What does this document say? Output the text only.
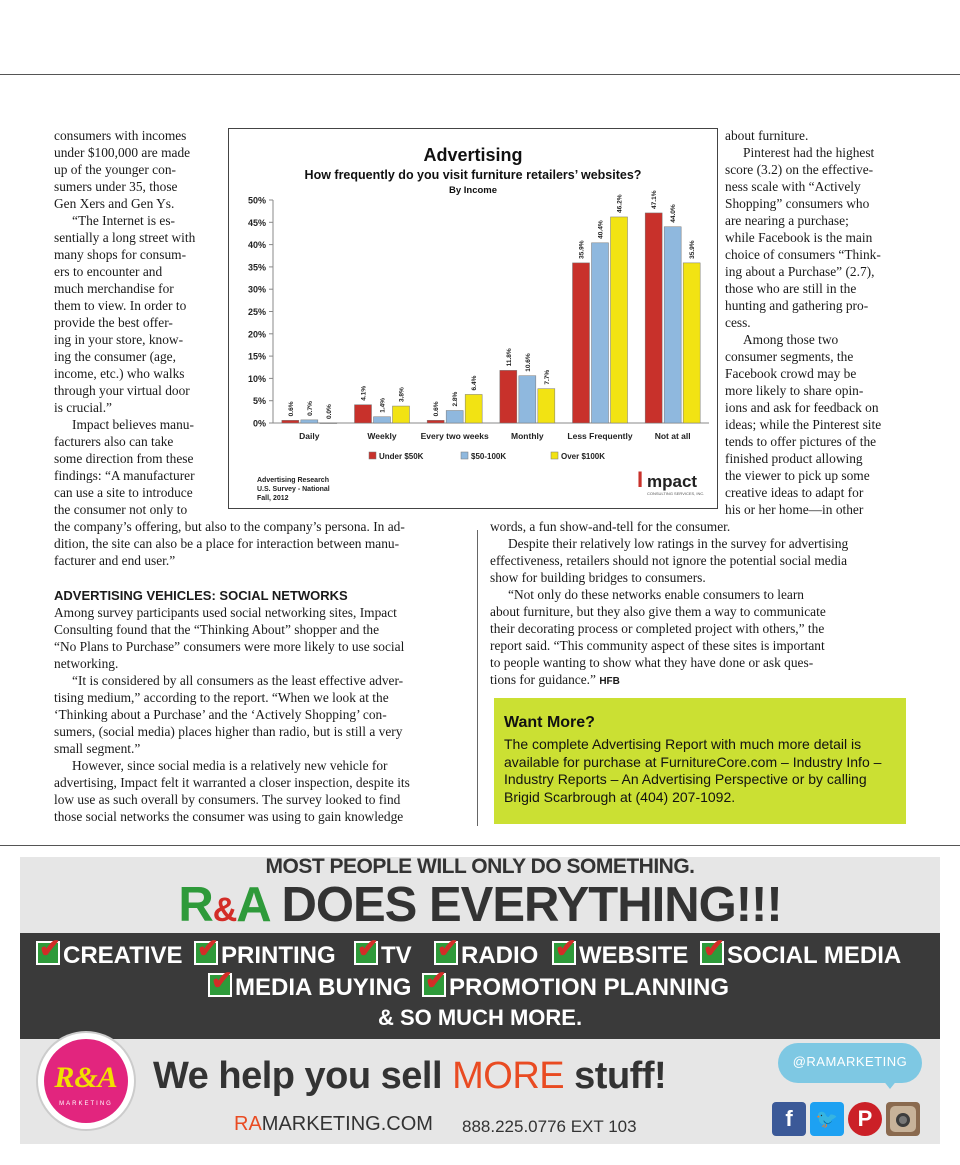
consumers with incomes
under $100,000 are made
up of the younger con-
sumers under 35, those
Gen Xers and Gen Ys.
“The Internet is es-
sentially a long street with
many shops for consum-
ers to encounter and
much merchandise for
them to view. In order to
provide the best offer-
ing in your store, know-
ing the consumer (age,
income, etc.) who walks
through your virtual door
is crucial.”
Impact believes manu-
facturers also can take
some direction from these
findings: “A manufacturer
can use a site to introduce
the consumer not only to
the company’s offering, but also to the company’s persona. In ad-
dition, the site can also be a place for interaction between manu-
facturer and end user.”
ADVERTISING VEHICLES: SOCIAL NETWORKS
Among survey participants used social networking sites, Impact
Consulting found that the “Thinking About” shopper and the
“No Plans to Purchase” consumers were more likely to use social
networking.
“It is considered by all consumers as the least effective adver-
tising medium,” according to the report. “When we look at the
‘Thinking about a Purchase’ and the ‘Actively Shopping’ con-
sumers, (social media) places higher than radio, but is still a very
small segment.”
However, since social media is a relatively new vehicle for
advertising, Impact felt it warranted a closer inspection, despite its
low use as such overall by consumers. The survey looked to find
those social networks the consumer was using to gain knowledge
about furniture.
Pinterest had the highest
score (3.2) on the effective-
ness scale with “Actively
Shopping” consumers who
are nearing a purchase;
while Facebook is the main
choice of consumers “Think-
ing about a Purchase” (2.7),
those who are still in the
hunting and gathering pro-
cess.
Among those two
consumer segments, the
Facebook crowd may be
more likely to share opin-
ions and ask for feedback on
ideas; while the Pinterest site
tends to offer pictures of the
finished product allowing
the viewer to pick up some
creative ideas to adapt for
his or her home—in other
words, a fun show-and-tell for the consumer.
Despite their relatively low ratings in the survey for advertising
effectiveness, retailers should not ignore the potential social media
show for building bridges to consumers.
“Not only do these networks enable consumers to learn
about furniture, but they also give them a way to communicate
their decorating process or completed project with others,” the
report said. “This community aspect of these sites is important
to people wanting to show what they have done or ask ques-
tions for guidance.” HFB
Advertising
How frequently do you visit furniture retailers’ websites?
By Income
0%
5%
10%
15%
20%
25%
30%
35%
40%
45%
50%
0.6% 0.7% 0.0%
Daily
4.1%
1.4%
3.8%
Weekly
0.6%
2.8%
6.4%
Every two weeks
11.8% 10.6%
7.7%
Monthly
35.9%
40.4%
46.2%
Less Frequently
47.1%
44.0%
35.9%
Not at all
Under $50K	$50-100K	Over $100K
Advertising Research
U.S. Survey - National
Fall, 2012
I mpact
CONSULTING SERVICES, INC.
Want More?
The complete Advertising Report with much more detail is available for purchase at FurnitureCore.com – Industry Info – Industry Reports – An Advertising Perspective or by calling Brigid Scarbrough at (404) 207-1092.
MOST PEOPLE WILL ONLY DO SOMETHING.
R&A DOES EVERYTHING!!!
✔CREATIVE ✔	PRINTING ✔	TV ✔	RADIO ✔	WEBSITE ✔	SOCIAL MEDIA
✔MEDIA BUYING ✔	PROMOTION PLANNING
& SO MUCH MORE.
R&A
MARKETING
We help you sell MORE stuff!
RAMARKETING.COM 888.225.0776 EXT 103
@RAMARKETING
f	🐦 P
